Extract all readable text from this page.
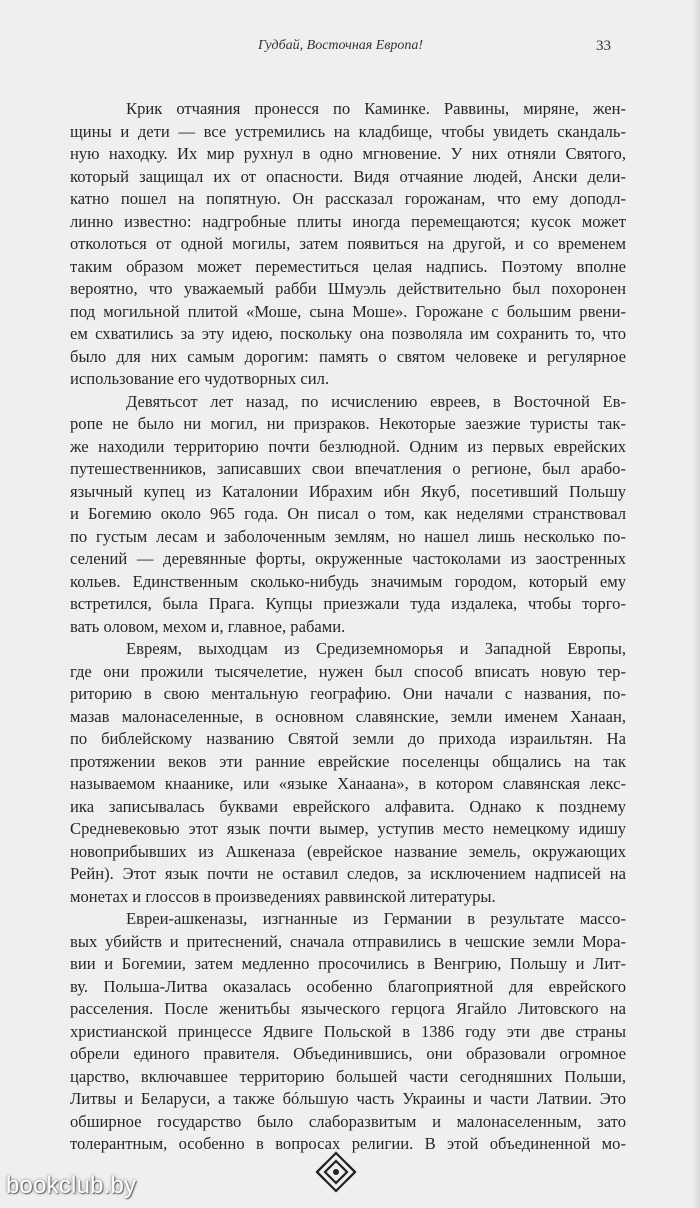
Гудбай, Восточная Европа!	33
Крик отчаяния пронесся по Каминке. Раввины, миряне, жен-
щины и дети — все устремились на кладбище, чтобы увидеть скандаль-
ную находку. Их мир рухнул в одно мгновение. У них отняли Святого,
который защищал их от опасности. Видя отчаяние людей, Ански дели-
катно пошел на попятную. Он рассказал горожанам, что ему доподл-
линно известно: надгробные плиты иногда перемещаются; кусок может
отколоться от одной могилы, затем появиться на другой, и со временем
таким образом может переместиться целая надпись. Поэтому вполне
вероятно, что уважаемый рабби Шмуэль действительно был похоронен
под могильной плитой «Моше, сына Моше». Горожане с большим рвени-
ем схватились за эту идею, поскольку она позволяла им сохранить то, что
было для них самым дорогим: память о святом человеке и регулярное
использование его чудотворных сил.
Девятьсот лет назад, по исчислению евреев, в Восточной Ев-
ропе не было ни могил, ни призраков. Некоторые заезжие туристы так-
же находили территорию почти безлюдной. Одним из первых еврейских
путешественников, записавших свои впечатления о регионе, был арабо-
язычный купец из Каталонии Ибрахим ибн Якуб, посетивший Польшу
и Богемию около 965 года. Он писал о том, как неделями странствовал
по густым лесам и заболоченным землям, но нашел лишь несколько по-
селений — деревянные форты, окруженные частоколами из заостренных
кольев. Единственным сколько-нибудь значимым городом, который ему
встретился, была Прага. Купцы приезжали туда издалека, чтобы торго-
вать оловом, мехом и, главное, рабами.
Евреям, выходцам из Средиземноморья и Западной Европы,
где они прожили тысячелетие, нужен был способ вписать новую тер-
риторию в свою ментальную географию. Они начали с названия, по-
мазав малонаселенные, в основном славянские, земли именем Ханаан,
по библейскому названию Святой земли до прихода израильтян. На
протяжении веков эти ранние еврейские поселенцы общались на так
называемом кнаанике, или «языке Ханаана», в котором славянская лекс-
ика записывалась буквами еврейского алфавита. Однако к позднему
Средневековью этот язык почти вымер, уступив место немецкому идишу
новоприбывших из Ашкеназа (еврейское название земель, окружающих
Рейн). Этот язык почти не оставил следов, за исключением надписей на
монетах и глоссов в произведениях раввинской литературы.
Евреи-ашкеназы, изгнанные из Германии в результате массо-
вых убийств и притеснений, сначала отправились в чешские земли Мора-
вии и Богемии, затем медленно просочились в Венгрию, Польшу и Лит-
ву. Польша-Литва оказалась особенно благоприятной для еврейского
расселения. После женитьбы языческого герцога Ягайло Литовского на
христианской принцессе Ядвиге Польской в 1386 году эти две страны
обрели единого правителя. Объединившись, они образовали огромное
царство, включавшее территорию большей части сегодняшних Польши,
Литвы и Беларуси, а также бóльшую часть Украины и части Латвии. Это
обширное государство было слаборазвитым и малонаселенным, зато
толерантным, особенно в вопросах религии. В этой объединенной мо-
bookclub.by
